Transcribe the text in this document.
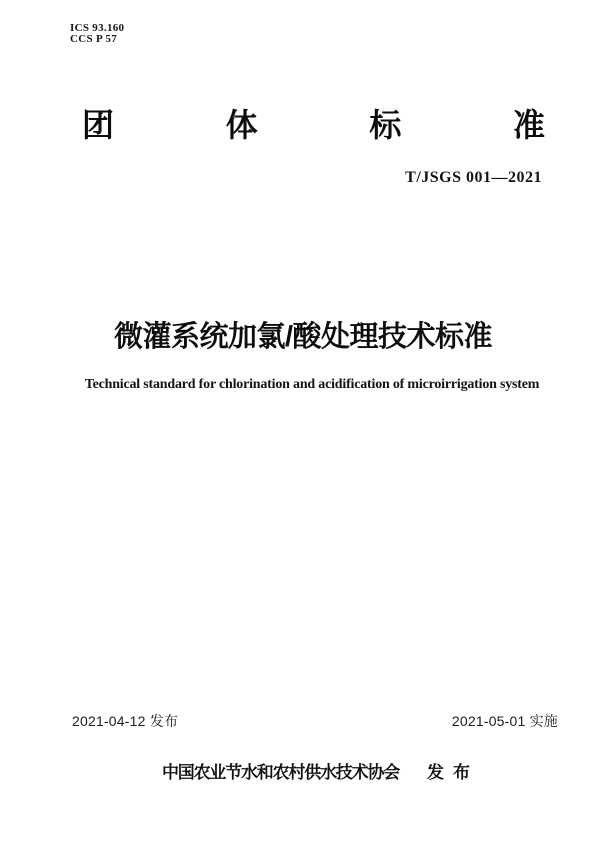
ICS 93.160
CCS P 57
团	体	标	准
T/JSGS 001—2021
微灌系统加氯/酸处理技术标准
Technical standard for chlorination and acidification of microirrigation system
2021-04-12 发布	2021-05-01 实施
中国农业节水和农村供水技术协会 发 布
